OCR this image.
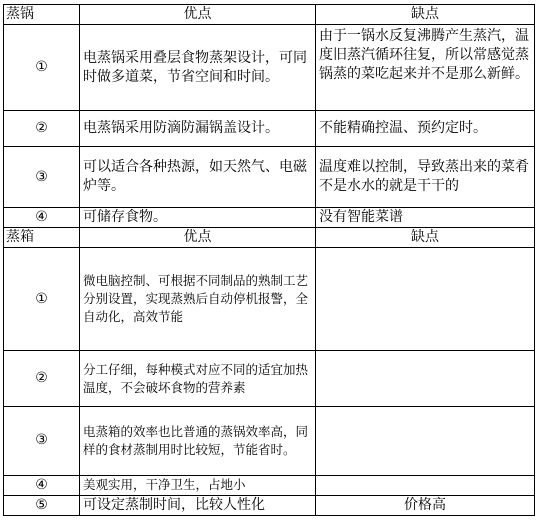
蒸锅	优点	缺点
①	电蒸锅采用叠层食物蒸架设计，可同时做多道菜，节省空间和时间。	由于一锅水反复沸腾产生蒸汽，温度旧蒸汽循环往复，所以常感觉蒸锅蒸的菜吃起来并不是那么新鲜。
②	电蒸锅采用防滴防漏锅盖设计。	不能精确控温、预约定时。
③	可以适合各种热源，如天然气、电磁炉等。	温度难以控制，导致蒸出来的菜肴不是水水的就是干干的
④	可储存食物。	没有智能菜谱
蒸箱	优点	缺点
①	微电脑控制、可根据不同制品的熟制工艺分别设置，实现蒸熟后自动停机报警，全自动化，高效节能	
②	分工仔细，每种模式对应不同的适宜加热温度，不会破坏食物的营养素	
③	电蒸箱的效率也比普通的蒸锅效率高，同样的食材蒸制用时比较短，节能省时。	
④	美观实用，干净卫生，占地小	
⑤	可设定蒸制时间，比较人性化	价格高
